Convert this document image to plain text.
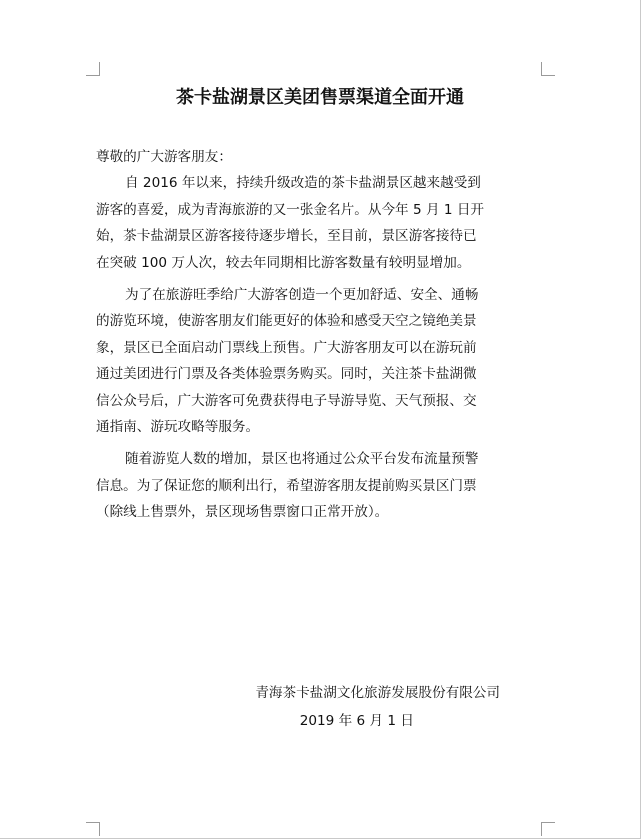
茶卡盐湖景区美团售票渠道全面开通
尊敬的广大游客朋友：
自 2016 年以来，持续升级改造的茶卡盐湖景区越来越受到
游客的喜爱，成为青海旅游的又一张金名片。从今年 5 月 1 日开
始，茶卡盐湖景区游客接待逐步增长，至目前，景区游客接待已
在突破 100 万人次，较去年同期相比游客数量有较明显增加。
为了在旅游旺季给广大游客创造一个更加舒适、安全、通畅
的游览环境，使游客朋友们能更好的体验和感受天空之镜绝美景
象，景区已全面启动门票线上预售。广大游客朋友可以在游玩前
通过美团进行门票及各类体验票务购买。同时，关注茶卡盐湖微
信公众号后，广大游客可免费获得电子导游导览、天气预报、交
通指南、游玩攻略等服务。
随着游览人数的增加，景区也将通过公众平台发布流量预警
信息。为了保证您的顺利出行，希望游客朋友提前购买景区门票
（除线上售票外，景区现场售票窗口正常开放）。
青海茶卡盐湖文化旅游发展股份有限公司
2019 年 6 月 1 日
